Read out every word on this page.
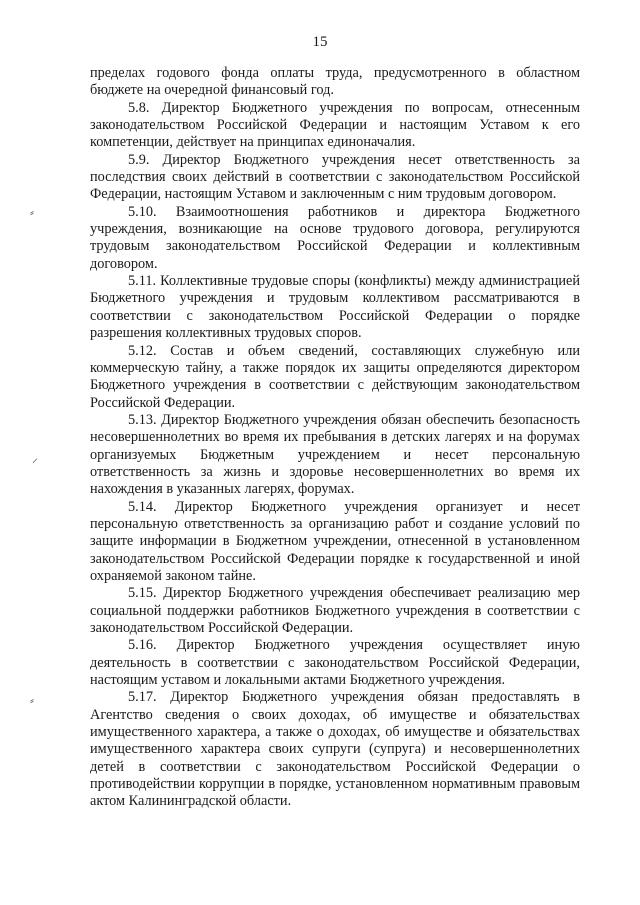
15
⸗
⸝
⸗

пределах годового фонда оплаты труда, предусмотренного в областном бюджете на очередной финансовый год.

5.8. Директор Бюджетного учреждения по вопросам, отнесенным законодательством Российской Федерации и настоящим Уставом к его компетенции, действует на принципах единоначалия.

5.9. Директор Бюджетного учреждения несет ответственность за последствия своих действий в соответствии с законодательством Российской Федерации, настоящим Уставом и заключенным с ним трудовым договором.

5.10. Взаимоотношения работников и директора Бюджетного учреждения, возникающие на основе трудового договора, регулируются трудовым законодательством Российской Федерации и коллективным договором.

5.11. Коллективные трудовые споры (конфликты) между администрацией Бюджетного учреждения и трудовым коллективом рассматриваются в соответствии с законодательством Российской Федерации о порядке разрешения коллективных трудовых споров.

5.12. Состав и объем сведений, составляющих служебную или коммерческую тайну, а также порядок их защиты определяются директором Бюджетного учреждения в соответствии с действующим законодательством Российской Федерации.

5.13. Директор Бюджетного учреждения обязан обеспечить безопасность несовершеннолетних во время их пребывания в детских лагерях и на форумах организуемых Бюджетным учреждением и несет персональную ответственность за жизнь и здоровье несовершеннолетних во время их нахождения в указанных лагерях, форумах.

5.14. Директор Бюджетного учреждения организует и несет персональную ответственность за организацию работ и создание условий по защите информации в Бюджетном учреждении, отнесенной в установленном законодательством Российской Федерации порядке к государственной и иной охраняемой законом тайне.

5.15. Директор Бюджетного учреждения обеспечивает реализацию мер социальной поддержки работников Бюджетного учреждения в соответствии с законодательством Российской Федерации.

5.16. Директор Бюджетного учреждения осуществляет иную деятельность в соответствии с законодательством Российской Федерации, настоящим уставом и локальными актами Бюджетного учреждения.

5.17. Директор Бюджетного учреждения обязан предоставлять в Агентство сведения о своих доходах, об имуществе и обязательствах имущественного характера, а также о доходах, об имуществе и обязательствах имущественного характера своих супруги (супруга) и несовершеннолетних детей в соответствии с законодательством Российской Федерации о противодействии коррупции в порядке, установленном нормативным правовым актом Калининградской области.
